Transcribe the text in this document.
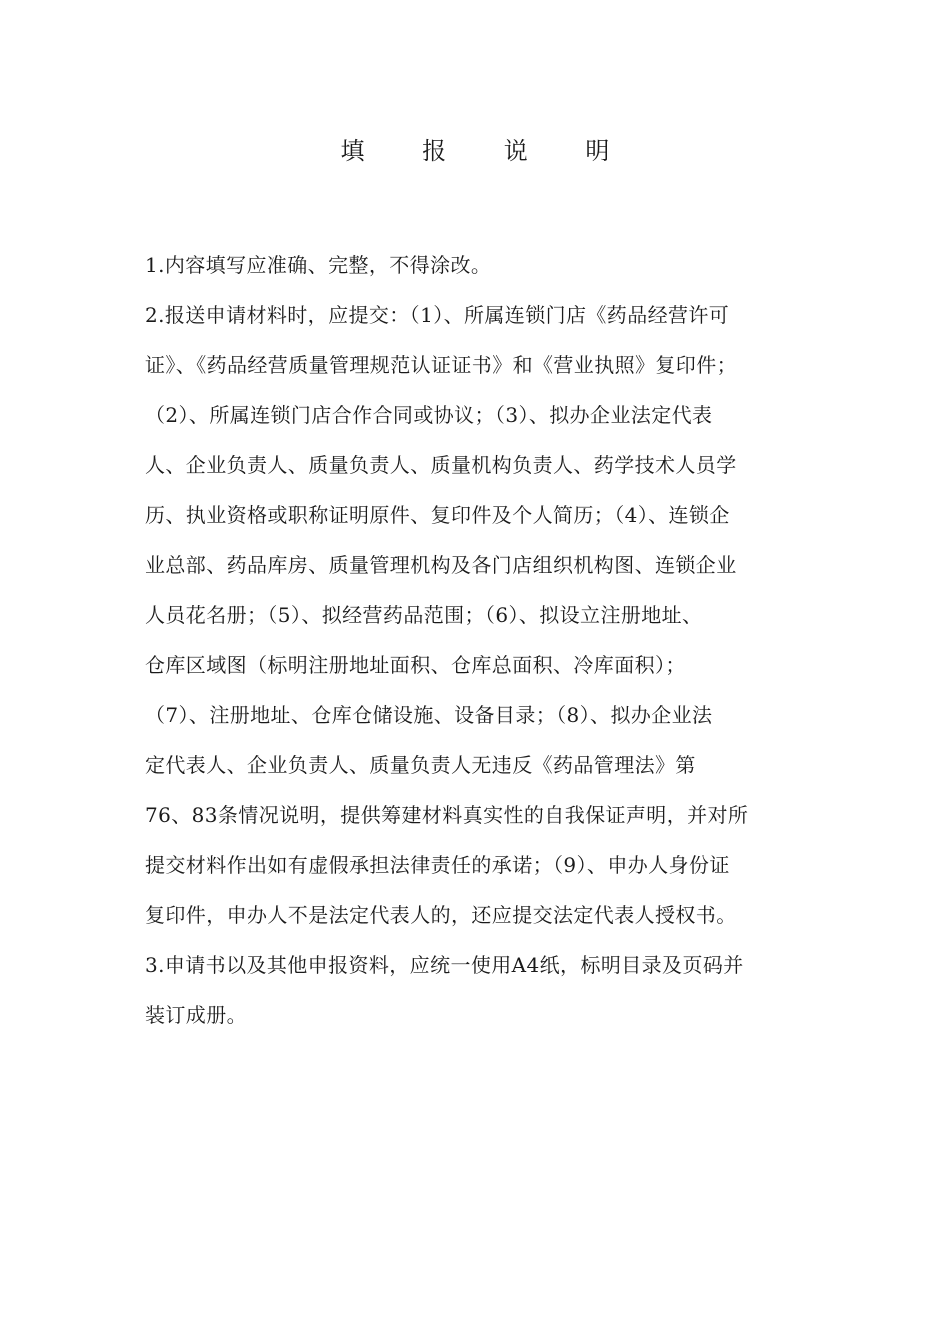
填 报 说 明
1.内容填写应准确、完整，不得涂改。
2.报送申请材料时，应提交：（1）、所属连锁门店《药品经营许可
证》、《药品经营质量管理规范认证证书》和《营业执照》复印件；
（2）、所属连锁门店合作合同或协议；（3）、拟办企业法定代表
人、企业负责人、质量负责人、质量机构负责人、药学技术人员学
历、执业资格或职称证明原件、复印件及个人简历；（4）、连锁企
业总部、药品库房、质量管理机构及各门店组织机构图、连锁企业
人员花名册；（5）、拟经营药品范围；（6）、拟设立注册地址、
仓库区域图（标明注册地址面积、仓库总面积、冷库面积）；
（7）、注册地址、仓库仓储设施、设备目录；（8）、拟办企业法
定代表人、企业负责人、质量负责人无违反《药品管理法》第
76、83条情况说明，提供筹建材料真实性的自我保证声明，并对所
提交材料作出如有虚假承担法律责任的承诺；（9）、申办人身份证
复印件，申办人不是法定代表人的，还应提交法定代表人授权书。
3.申请书以及其他申报资料，应统一使用A4纸，标明目录及页码并
装订成册。
